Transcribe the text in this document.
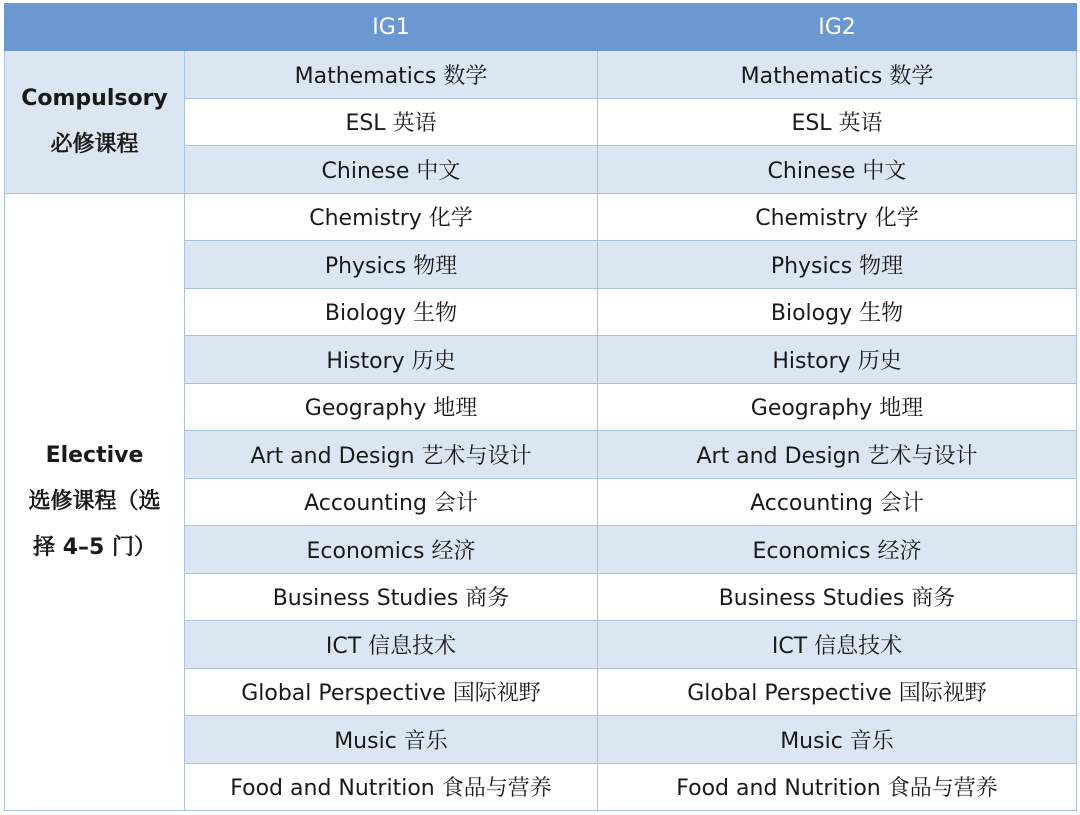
	IG1	IG2

Compulsory
必修课程	Mathematics 数学	Mathematics 数学
	ESL 英语	ESL 英语
	Chinese 中文	Chinese 中文

Elective
选修课程（选
择 4–5 门）	Chemistry 化学	Chemistry 化学
	Physics 物理	Physics 物理
	Biology 生物	Biology 生物
	History 历史	History 历史
	Geography 地理	Geography 地理
	Art and Design 艺术与设计	Art and Design 艺术与设计
	Accounting 会计	Accounting 会计
	Economics 经济	Economics 经济
	Business Studies 商务	Business Studies 商务
	ICT 信息技术	ICT 信息技术
	Global Perspective 国际视野	Global Perspective 国际视野
	Music 音乐	Music 音乐
	Food and Nutrition 食品与营养	Food and Nutrition 食品与营养
